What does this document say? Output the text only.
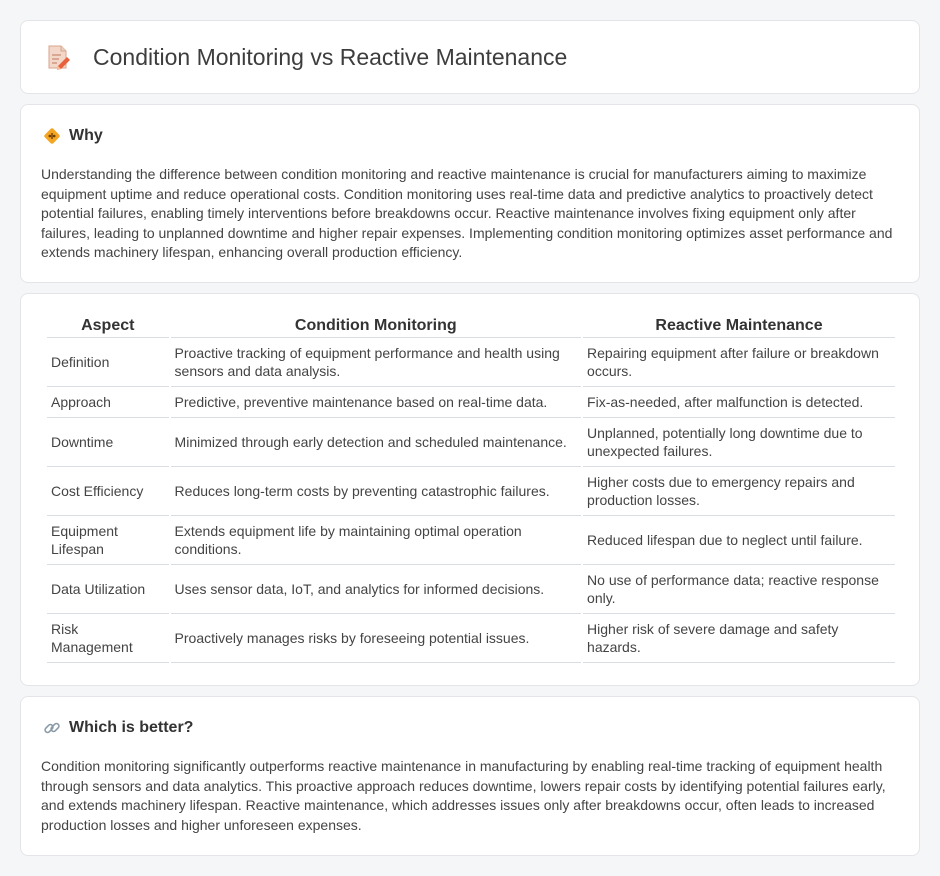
Condition Monitoring vs Reactive Maintenance
Why

Understanding the difference between condition monitoring and reactive maintenance is crucial for manufacturers aiming to maximize equipment uptime and reduce operational costs. Condition monitoring uses real-time data and predictive analytics to proactively detect potential failures, enabling timely interventions before breakdowns occur. Reactive maintenance involves fixing equipment only after failures, leading to unplanned downtime and higher repair expenses. Implementing condition monitoring optimizes asset performance and extends machinery lifespan, enhancing overall production efficiency.

Aspect	Condition Monitoring	Reactive Maintenance
Definition	Proactive tracking of equipment performance and health using sensors and data analysis.	Repairing equipment after failure or breakdown occurs.
Approach	Predictive, preventive maintenance based on real-time data.	Fix-as-needed, after malfunction is detected.
Downtime	Minimized through early detection and scheduled maintenance.	Unplanned, potentially long downtime due to unexpected failures.
Cost Efficiency	Reduces long-term costs by preventing catastrophic failures.	Higher costs due to emergency repairs and production losses.
Equipment Lifespan	Extends equipment life by maintaining optimal operation conditions.	Reduced lifespan due to neglect until failure.
Data Utilization	Uses sensor data, IoT, and analytics for informed decisions.	No use of performance data; reactive response only.
Risk Management	Proactively manages risks by foreseeing potential issues.	Higher risk of severe damage and safety hazards.
Which is better?

Condition monitoring significantly outperforms reactive maintenance in manufacturing by enabling real-time tracking of equipment health through sensors and data analytics. This proactive approach reduces downtime, lowers repair costs by identifying potential failures early, and extends machinery lifespan. Reactive maintenance, which addresses issues only after breakdowns occur, often leads to increased production losses and higher unforeseen expenses.
